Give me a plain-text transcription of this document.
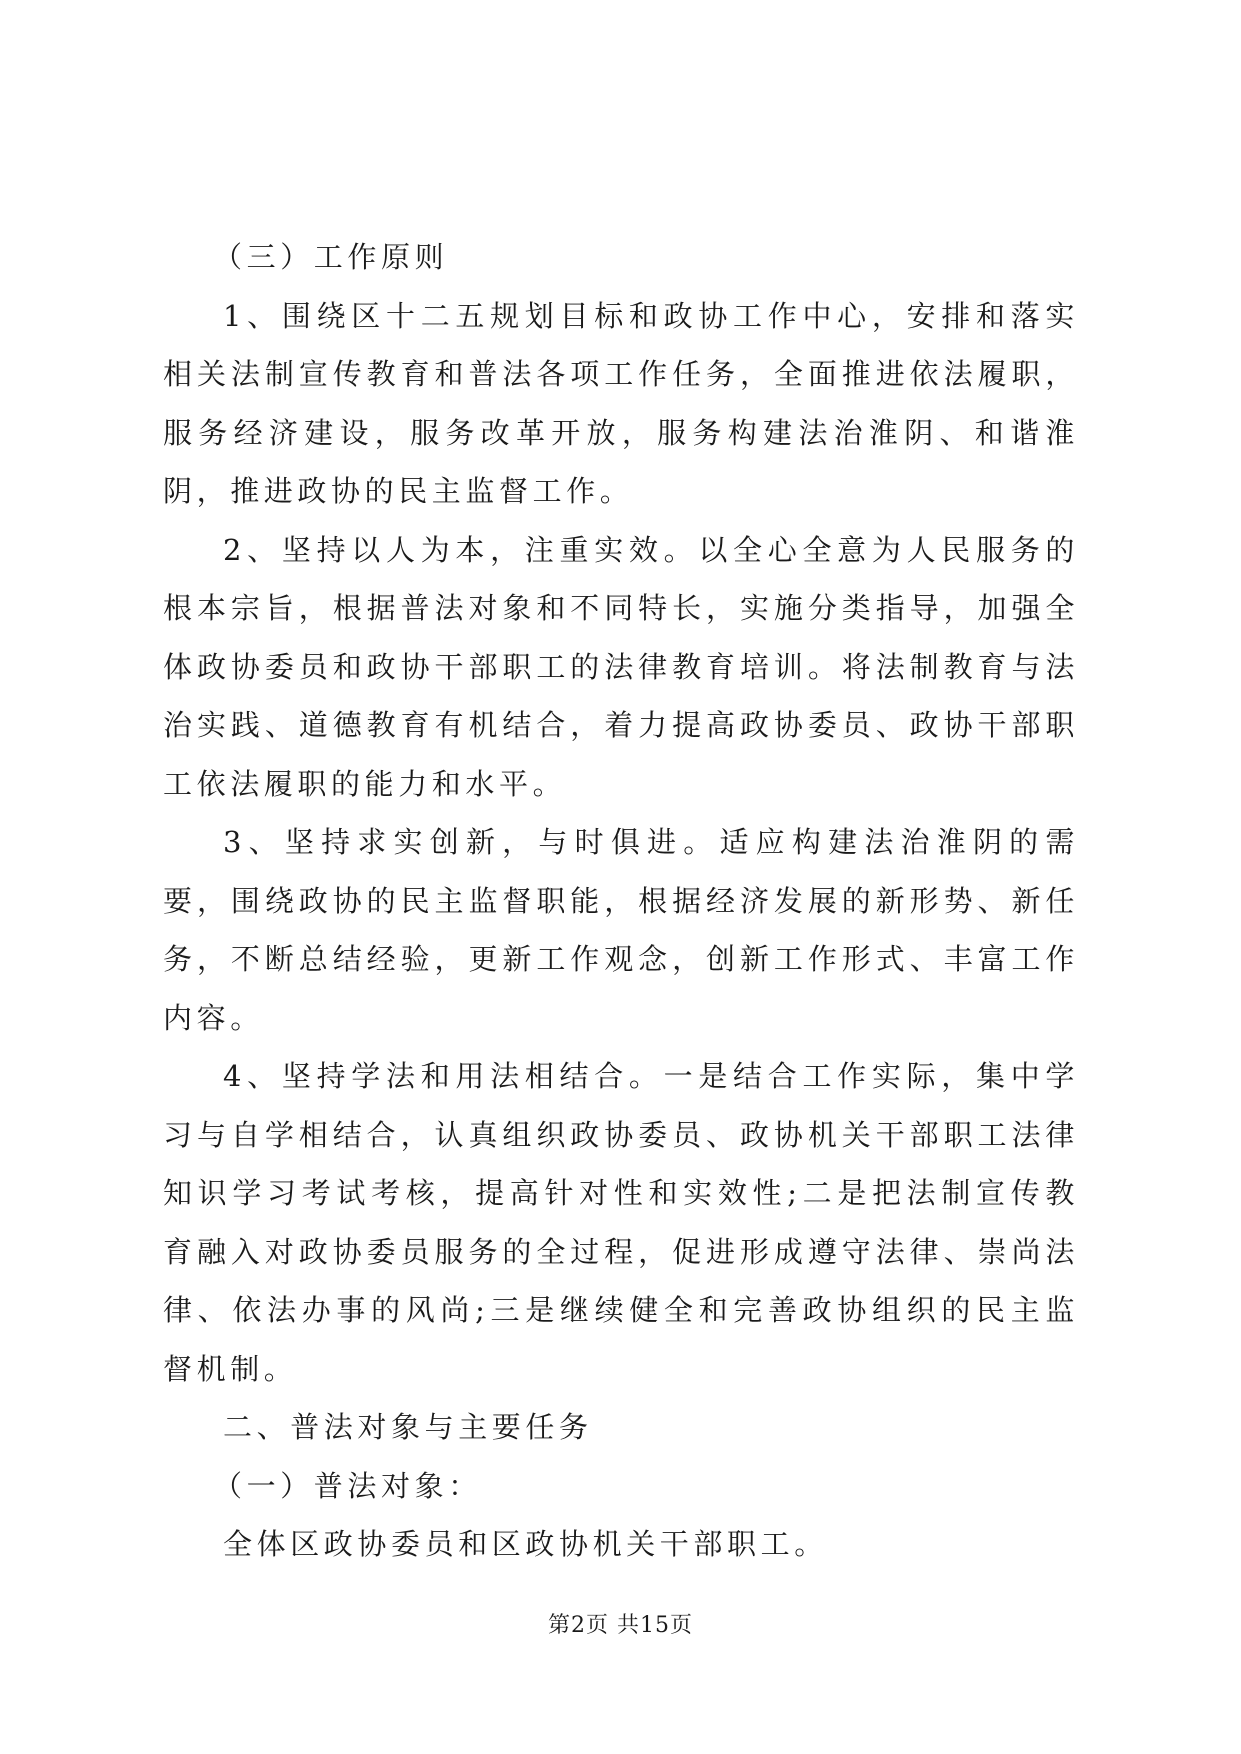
（三）工作原则

1、围绕区十二五规划目标和政协工作中心，安排和落实相关法制宣传教育和普法各项工作任务，全面推进依法履职，服务经济建设，服务改革开放，服务构建法治淮阴、和谐淮阴，推进政协的民主监督工作。

2、坚持以人为本，注重实效。以全心全意为人民服务的根本宗旨，根据普法对象和不同特长，实施分类指导，加强全体政协委员和政协干部职工的法律教育培训。将法制教育与法治实践、道德教育有机结合，着力提高政协委员、政协干部职工依法履职的能力和水平。

3、坚持求实创新，与时俱进。适应构建法治淮阴的需要，围绕政协的民主监督职能，根据经济发展的新形势、新任务，不断总结经验，更新工作观念，创新工作形式、丰富工作内容。

4、坚持学法和用法相结合。一是结合工作实际，集中学习与自学相结合，认真组织政协委员、政协机关干部职工法律知识学习考试考核，提高针对性和实效性;二是把法制宣传教育融入对政协委员服务的全过程，促进形成遵守法律、崇尚法律、依法办事的风尚;三是继续健全和完善政协组织的民主监督机制。

二、普法对象与主要任务

（一）普法对象：

全体区政协委员和区政协机关干部职工。

第2页 共15页
